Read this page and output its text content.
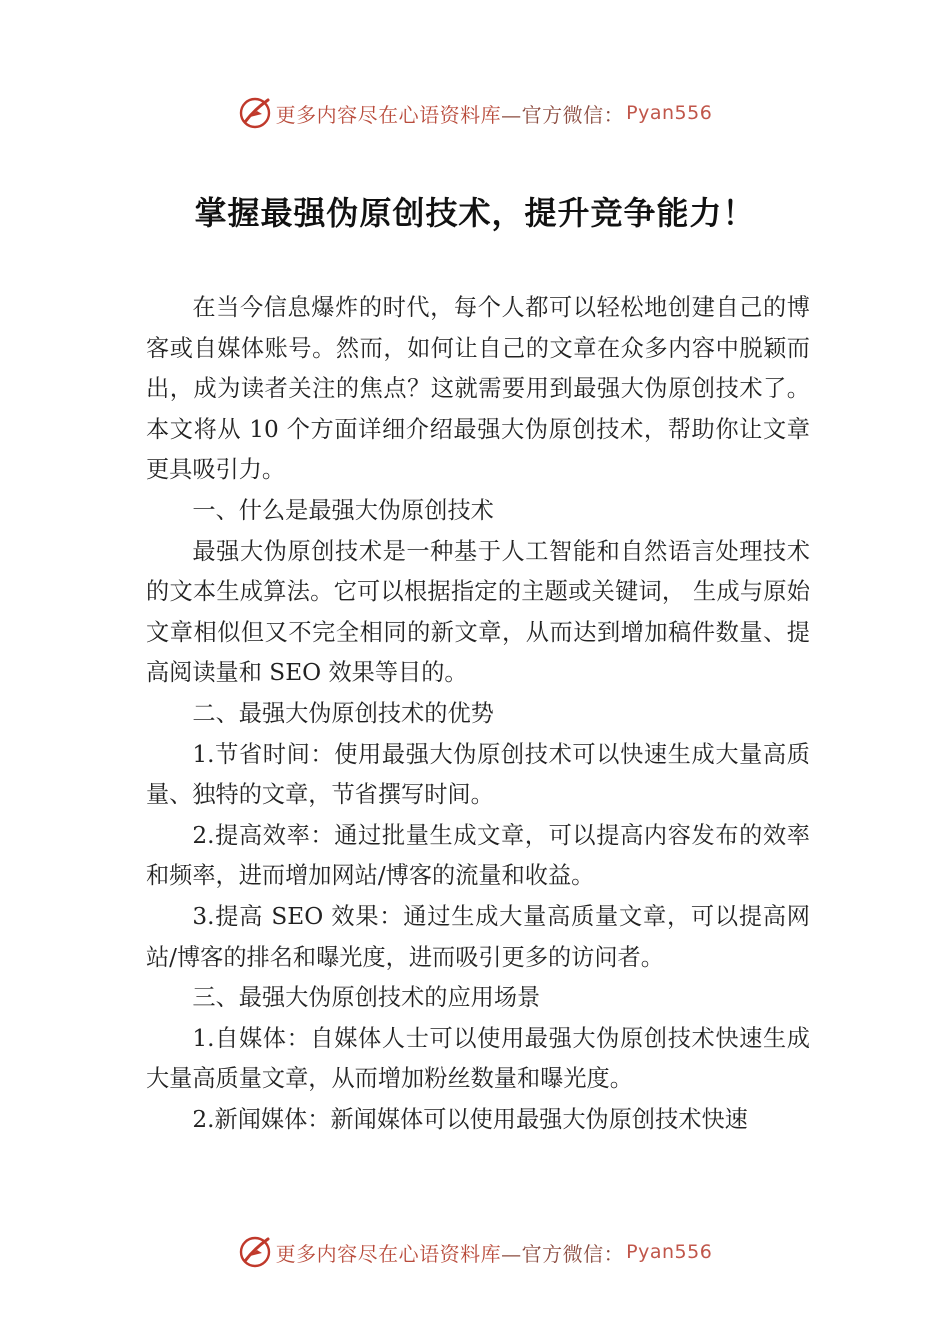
更多内容尽在心语资料库 —官方微信： Pyan556
掌握最强伪原创技术，提升竞争能力！

在当今信息爆炸的时代，每个人都可以轻松地创建自己的博客或自媒体账号。然而，如何让自己的文章在众多内容中脱颖而出，成为读者关注的焦点？这就需要用到最强大伪原创技术了。本文将从 10 个方面详细介绍最强大伪原创技术，帮助你让文章更具吸引力。

一、什么是最强大伪原创技术

最强大伪原创技术是一种基于人工智能和自然语言处理技术的文本生成算法。它可以根据指定的主题或关键词， 生成与原始文章相似但又不完全相同的新文章，从而达到增加稿件数量、提高阅读量和 SEO 效果等目的。

二、最强大伪原创技术的优势

1.节省时间：使用最强大伪原创技术可以快速生成大量高质量、独特的文章，节省撰写时间。

2.提高效率：通过批量生成文章，可以提高内容发布的效率和频率，进而增加网站/博客的流量和收益。

3.提高 SEO 效果：通过生成大量高质量文章，可以提高网站/博客的排名和曝光度，进而吸引更多的访问者。

三、最强大伪原创技术的应用场景

1.自媒体：自媒体人士可以使用最强大伪原创技术快速生成大量高质量文章，从而增加粉丝数量和曝光度。

2.新闻媒体：新闻媒体可以使用最强大伪原创技术快速

更多内容尽在心语资料库 —官方微信： Pyan556
